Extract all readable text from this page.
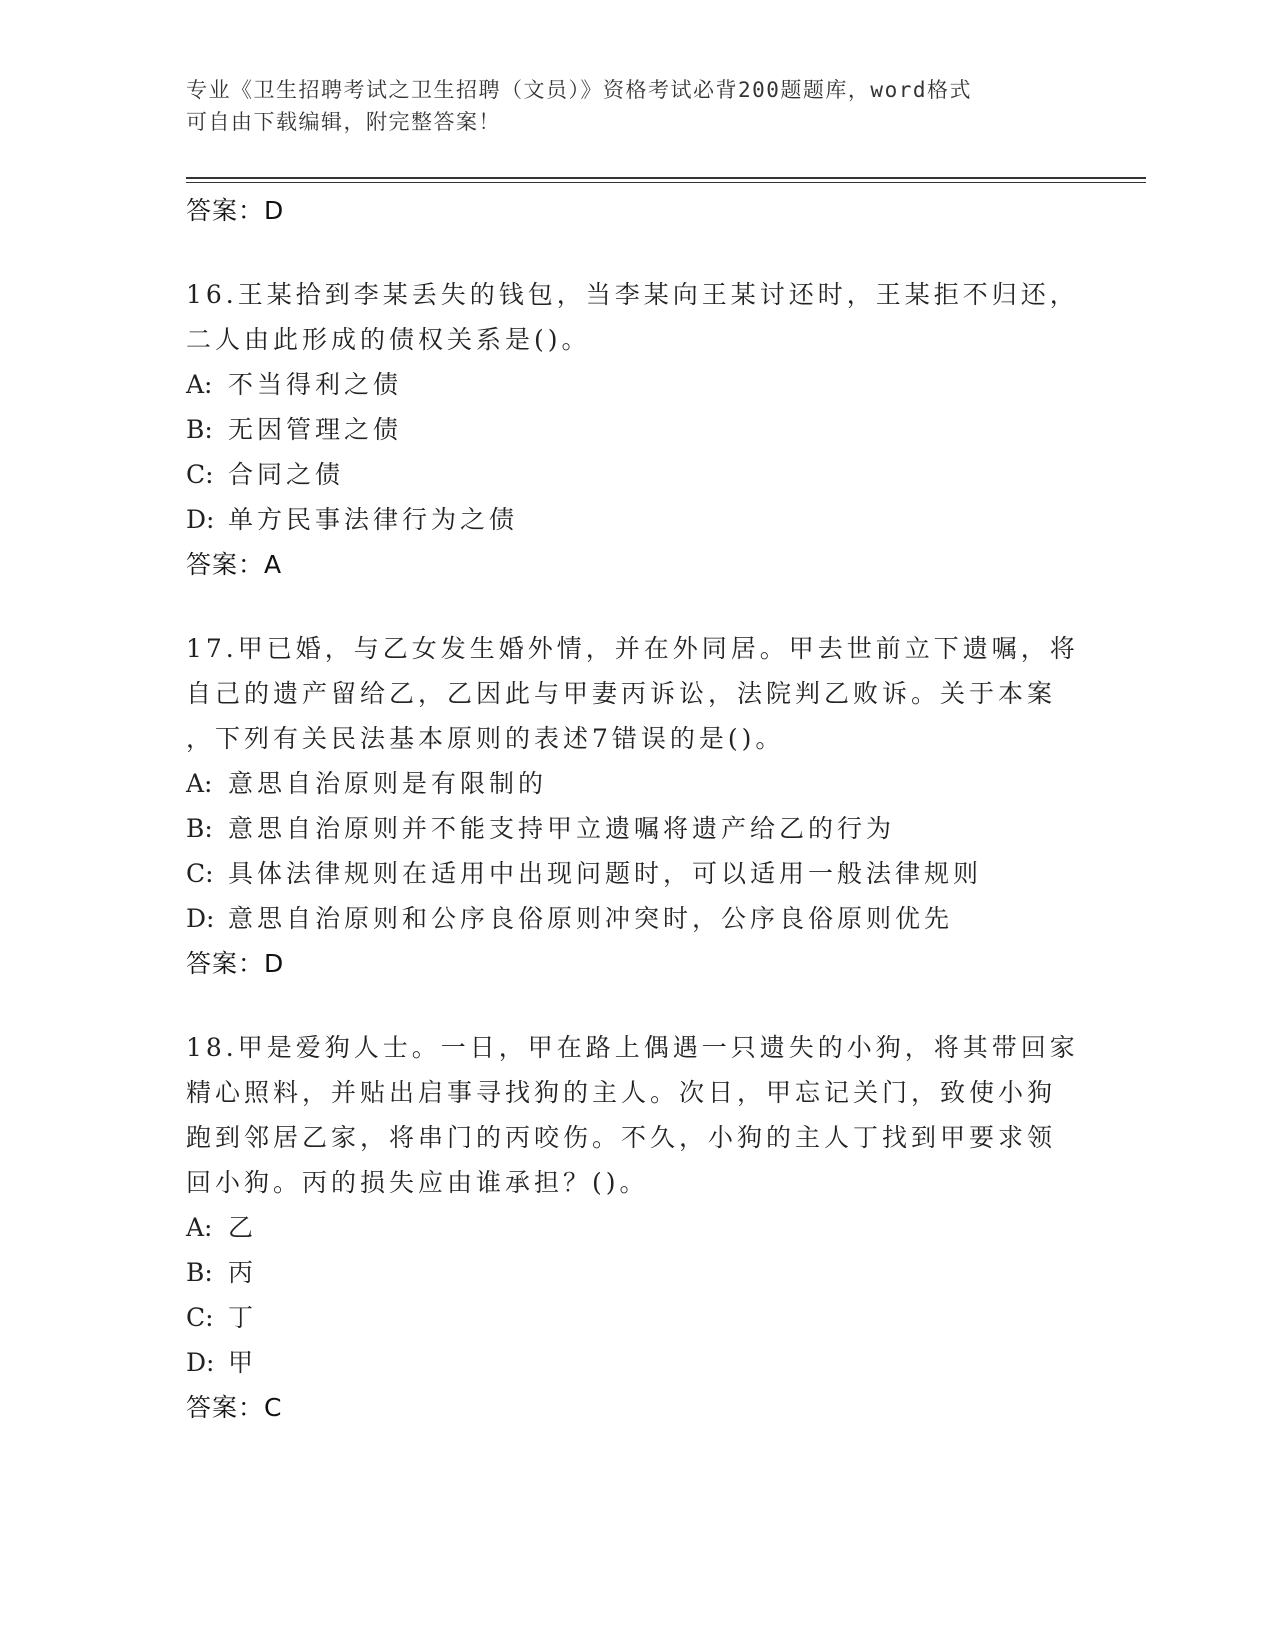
专业《卫生招聘考试之卫生招聘（文员）》资格考试必背200题题库，word格式
可自由下载编辑，附完整答案！

答案：D

16.王某拾到李某丢失的钱包，当李某向王某讨还时，王某拒不归还，

二人由此形成的债权关系是()。

A: 不当得利之债
B: 无因管理之债
C: 合同之债
D: 单方民事法律行为之债

答案：A

17.甲已婚，与乙女发生婚外情，并在外同居。甲去世前立下遗嘱，将

自己的遗产留给乙，乙因此与甲妻丙诉讼，法院判乙败诉。关于本案

，下列有关民法基本原则的表述7错误的是()。

A: 意思自治原则是有限制的
B: 意思自治原则并不能支持甲立遗嘱将遗产给乙的行为
C: 具体法律规则在适用中出现问题时，可以适用一般法律规则
D: 意思自治原则和公序良俗原则冲突时，公序良俗原则优先

答案：D

18.甲是爱狗人士。一日，甲在路上偶遇一只遗失的小狗，将其带回家

精心照料，并贴出启事寻找狗的主人。次日，甲忘记关门，致使小狗

跑到邻居乙家，将串门的丙咬伤。不久，小狗的主人丁找到甲要求领

回小狗。丙的损失应由谁承担？()。

A: 乙
B: 丙
C: 丁
D: 甲

答案：C
